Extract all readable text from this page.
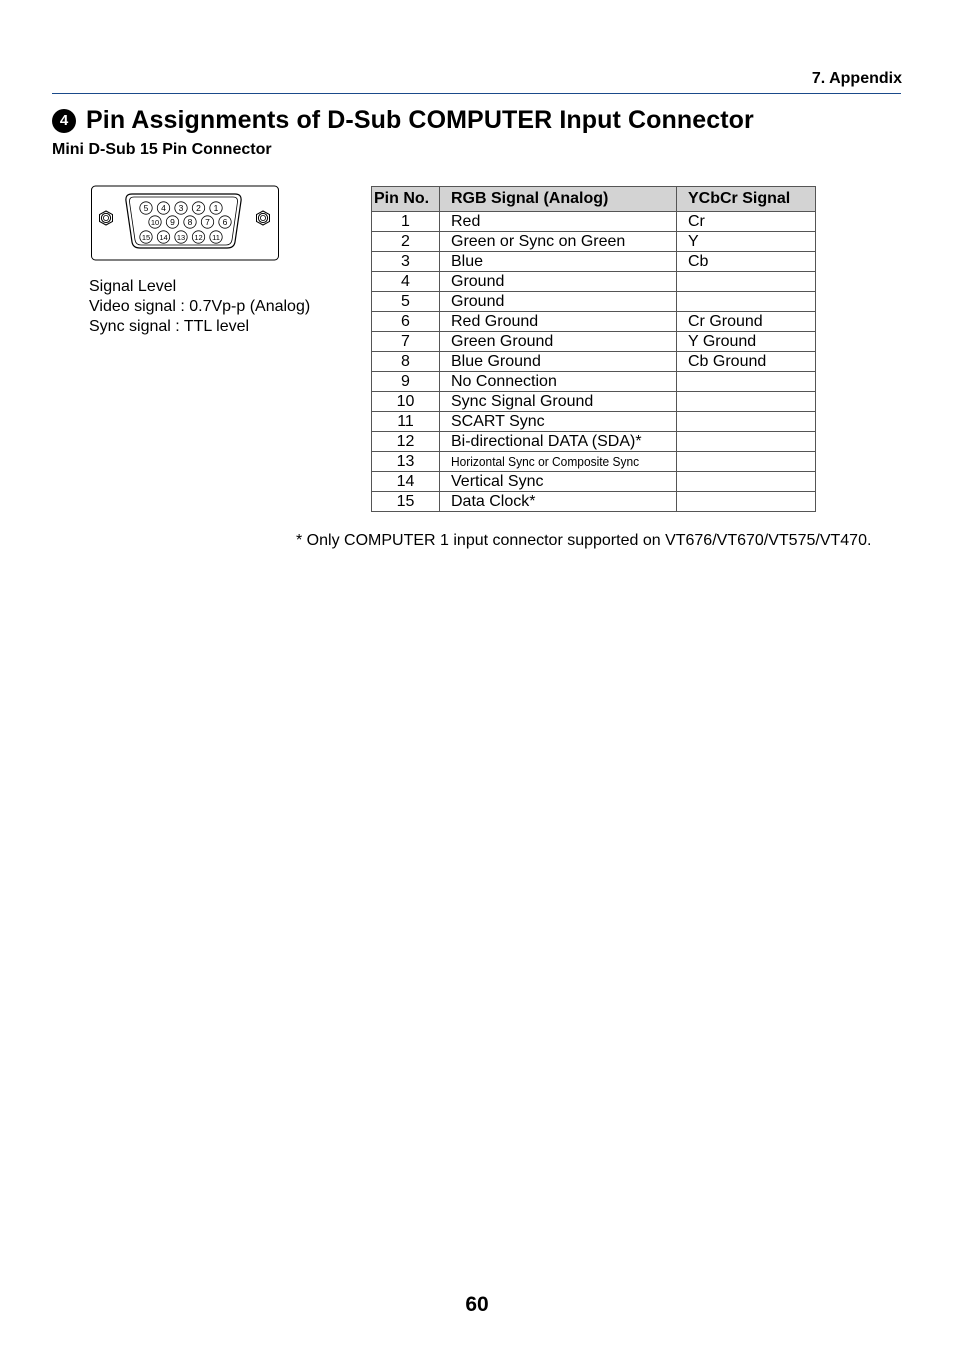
7. Appendix
4 Pin Assignments of D-Sub COMPUTER Input Connector
Mini D-Sub 15 Pin Connector
5 4 3 2 1
10 9 8 7 6
15 14 13 12 11
Signal Level
Video signal : 0.7Vp-p (Analog)
Sync signal : TTL level
Pin No.	RGB Signal (Analog)	YCbCr Signal
1	Red	Cr
2	Green or Sync on Green	Y
3	Blue	Cb
4	Ground	
5	Ground	
6	Red Ground	Cr Ground
7	Green Ground	Y Ground
8	Blue Ground	Cb Ground
9	No Connection	
10	Sync Signal Ground	
11	SCART Sync	
12	Bi-directional DATA (SDA)*	
13	Horizontal Sync or Composite Sync	
14	Vertical Sync	
15	Data Clock*	
* Only COMPUTER 1 input connector supported on VT676/VT670/VT575/VT470.
60
